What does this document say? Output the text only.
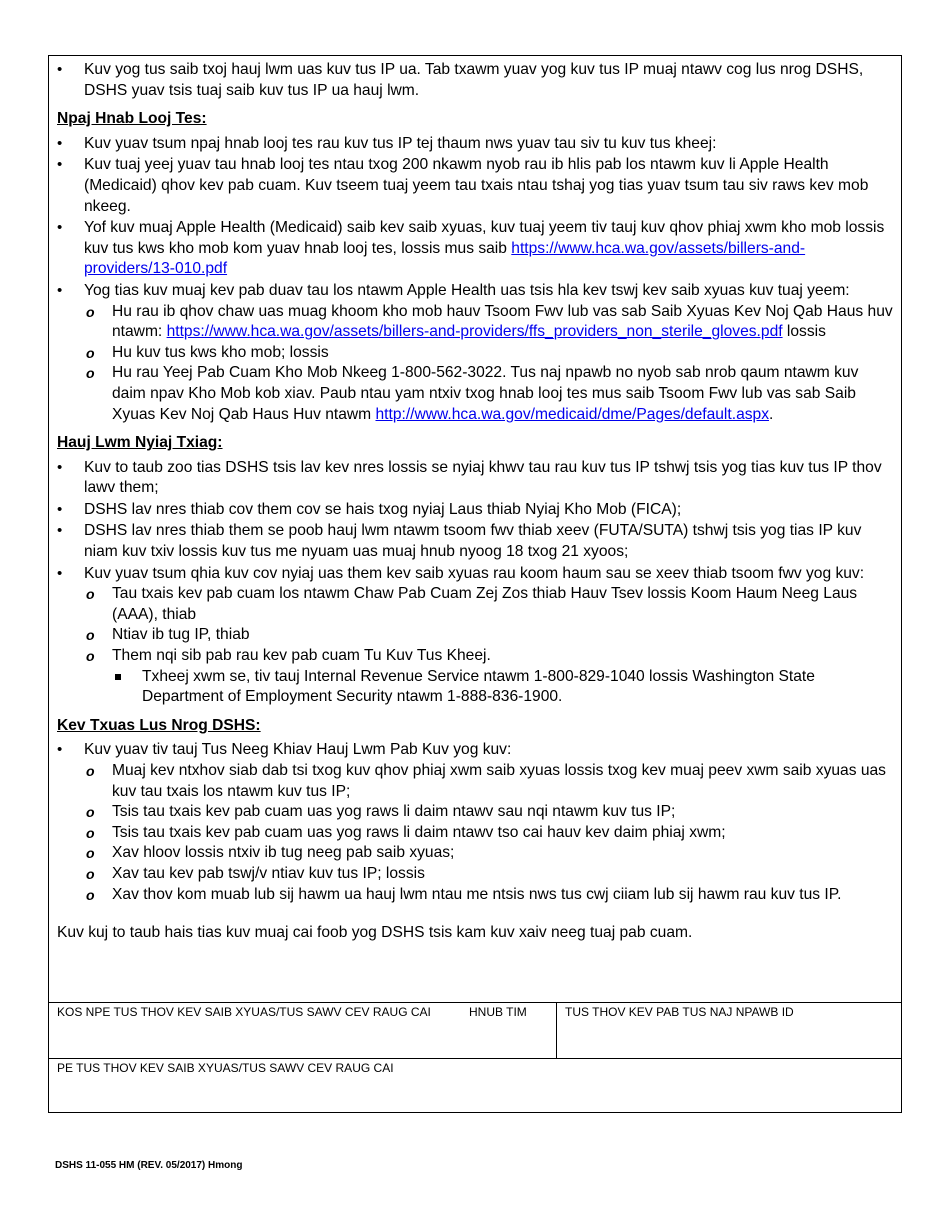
• Kuv yog tus saib txoj hauj lwm uas kuv tus IP ua. Tab txawm yuav yog kuv tus IP muaj ntawv cog lus nrog DSHS, DSHS yuav tsis tuaj saib kuv tus IP ua hauj lwm.
Npaj Hnab Looj Tes:
• Kuv yuav tsum npaj hnab looj tes rau kuv tus IP tej thaum nws yuav tau siv tu kuv tus kheej:
• Kuv tuaj yeej yuav tau hnab looj tes ntau txog 200 nkawm nyob rau ib hlis pab los ntawm kuv li Apple Health (Medicaid) qhov kev pab cuam. Kuv tseem tuaj yeem tau txais ntau tshaj yog tias yuav tsum tau siv raws kev mob nkeeg.
• Yof kuv muaj Apple Health (Medicaid) saib kev saib xyuas, kuv tuaj yeem tiv tauj kuv qhov phiaj xwm kho mob lossis kuv tus kws kho mob kom yuav hnab looj tes, lossis mus saib https://www.hca.wa.gov/assets/billers-and-providers/13-010.pdf
• Yog tias kuv muaj kev pab duav tau los ntawm Apple Health uas tsis hla kev tswj kev saib xyuas kuv tuaj yeem:
o Hu rau ib qhov chaw uas muag khoom kho mob hauv Tsoom Fwv lub vas sab Saib Xyuas Kev Noj Qab Haus huv ntawm: https://www.hca.wa.gov/assets/billers-and-providers/ffs_providers_non_sterile_gloves.pdf lossis
o Hu kuv tus kws kho mob; lossis
o Hu rau Yeej Pab Cuam Kho Mob Nkeeg 1-800-562-3022. Tus naj npawb no nyob sab nrob qaum ntawm kuv daim npav Kho Mob kob xiav. Paub ntau yam ntxiv txog hnab looj tes mus saib Tsoom Fwv lub vas sab Saib Xyuas Kev Noj Qab Haus Huv ntawm http://www.hca.wa.gov/medicaid/dme/Pages/default.aspx.
Hauj Lwm Nyiaj Txiag:
• Kuv to taub zoo tias DSHS tsis lav kev nres lossis se nyiaj khwv tau rau kuv tus IP tshwj tsis yog tias kuv tus IP thov lawv them;
• DSHS lav nres thiab cov them cov se hais txog nyiaj Laus thiab Nyiaj Kho Mob (FICA);
• DSHS lav nres thiab them se poob hauj lwm ntawm tsoom fwv thiab xeev (FUTA/SUTA) tshwj tsis yog tias IP kuv niam kuv txiv lossis kuv tus me nyuam uas muaj hnub nyoog 18 txog 21 xyoos;
• Kuv yuav tsum qhia kuv cov nyiaj uas them kev saib xyuas rau koom haum sau se xeev thiab tsoom fwv yog kuv:
o Tau txais kev pab cuam los ntawm Chaw Pab Cuam Zej Zos thiab Hauv Tsev lossis Koom Haum Neeg Laus (AAA), thiab
o Ntiav ib tug IP, thiab
o Them nqi sib pab rau kev pab cuam Tu Kuv Tus Kheej.
Txheej xwm se, tiv tauj Internal Revenue Service ntawm 1-800-829-1040 lossis Washington State Department of Employment Security ntawm 1-888-836-1900.
Kev Txuas Lus Nrog DSHS:
• Kuv yuav tiv tauj Tus Neeg Khiav Hauj Lwm Pab Kuv yog kuv:
o Muaj kev ntxhov siab dab tsi txog kuv qhov phiaj xwm saib xyuas lossis txog kev muaj peev xwm saib xyuas uas kuv tau txais los ntawm kuv tus IP;
o Tsis tau txais kev pab cuam uas yog raws li daim ntawv sau nqi ntawm kuv tus IP;
o Tsis tau txais kev pab cuam uas yog raws li daim ntawv tso cai hauv kev daim phiaj xwm;
o Xav hloov lossis ntxiv ib tug neeg pab saib xyuas;
o Xav tau kev pab tswj/v ntiav kuv tus IP; lossis
o Xav thov kom muab lub sij hawm ua hauj lwm ntau me ntsis nws tus cwj ciiam lub sij hawm rau kuv tus IP.

Kuv kuj to taub hais tias kuv muaj cai foob yog DSHS tsis kam kuv xaiv neeg tuaj pab cuam.

KOS NPE TUS THOV KEV SAIB XYUAS/TUS SAWV CEV RAUG CAI	HNUB TIM	TUS THOV KEV PAB TUS NAJ NPAWB ID
PE TUS THOV KEV SAIB XYUAS/TUS SAWV CEV RAUG CAI
DSHS 11-055 HM (REV. 05/2017) Hmong
